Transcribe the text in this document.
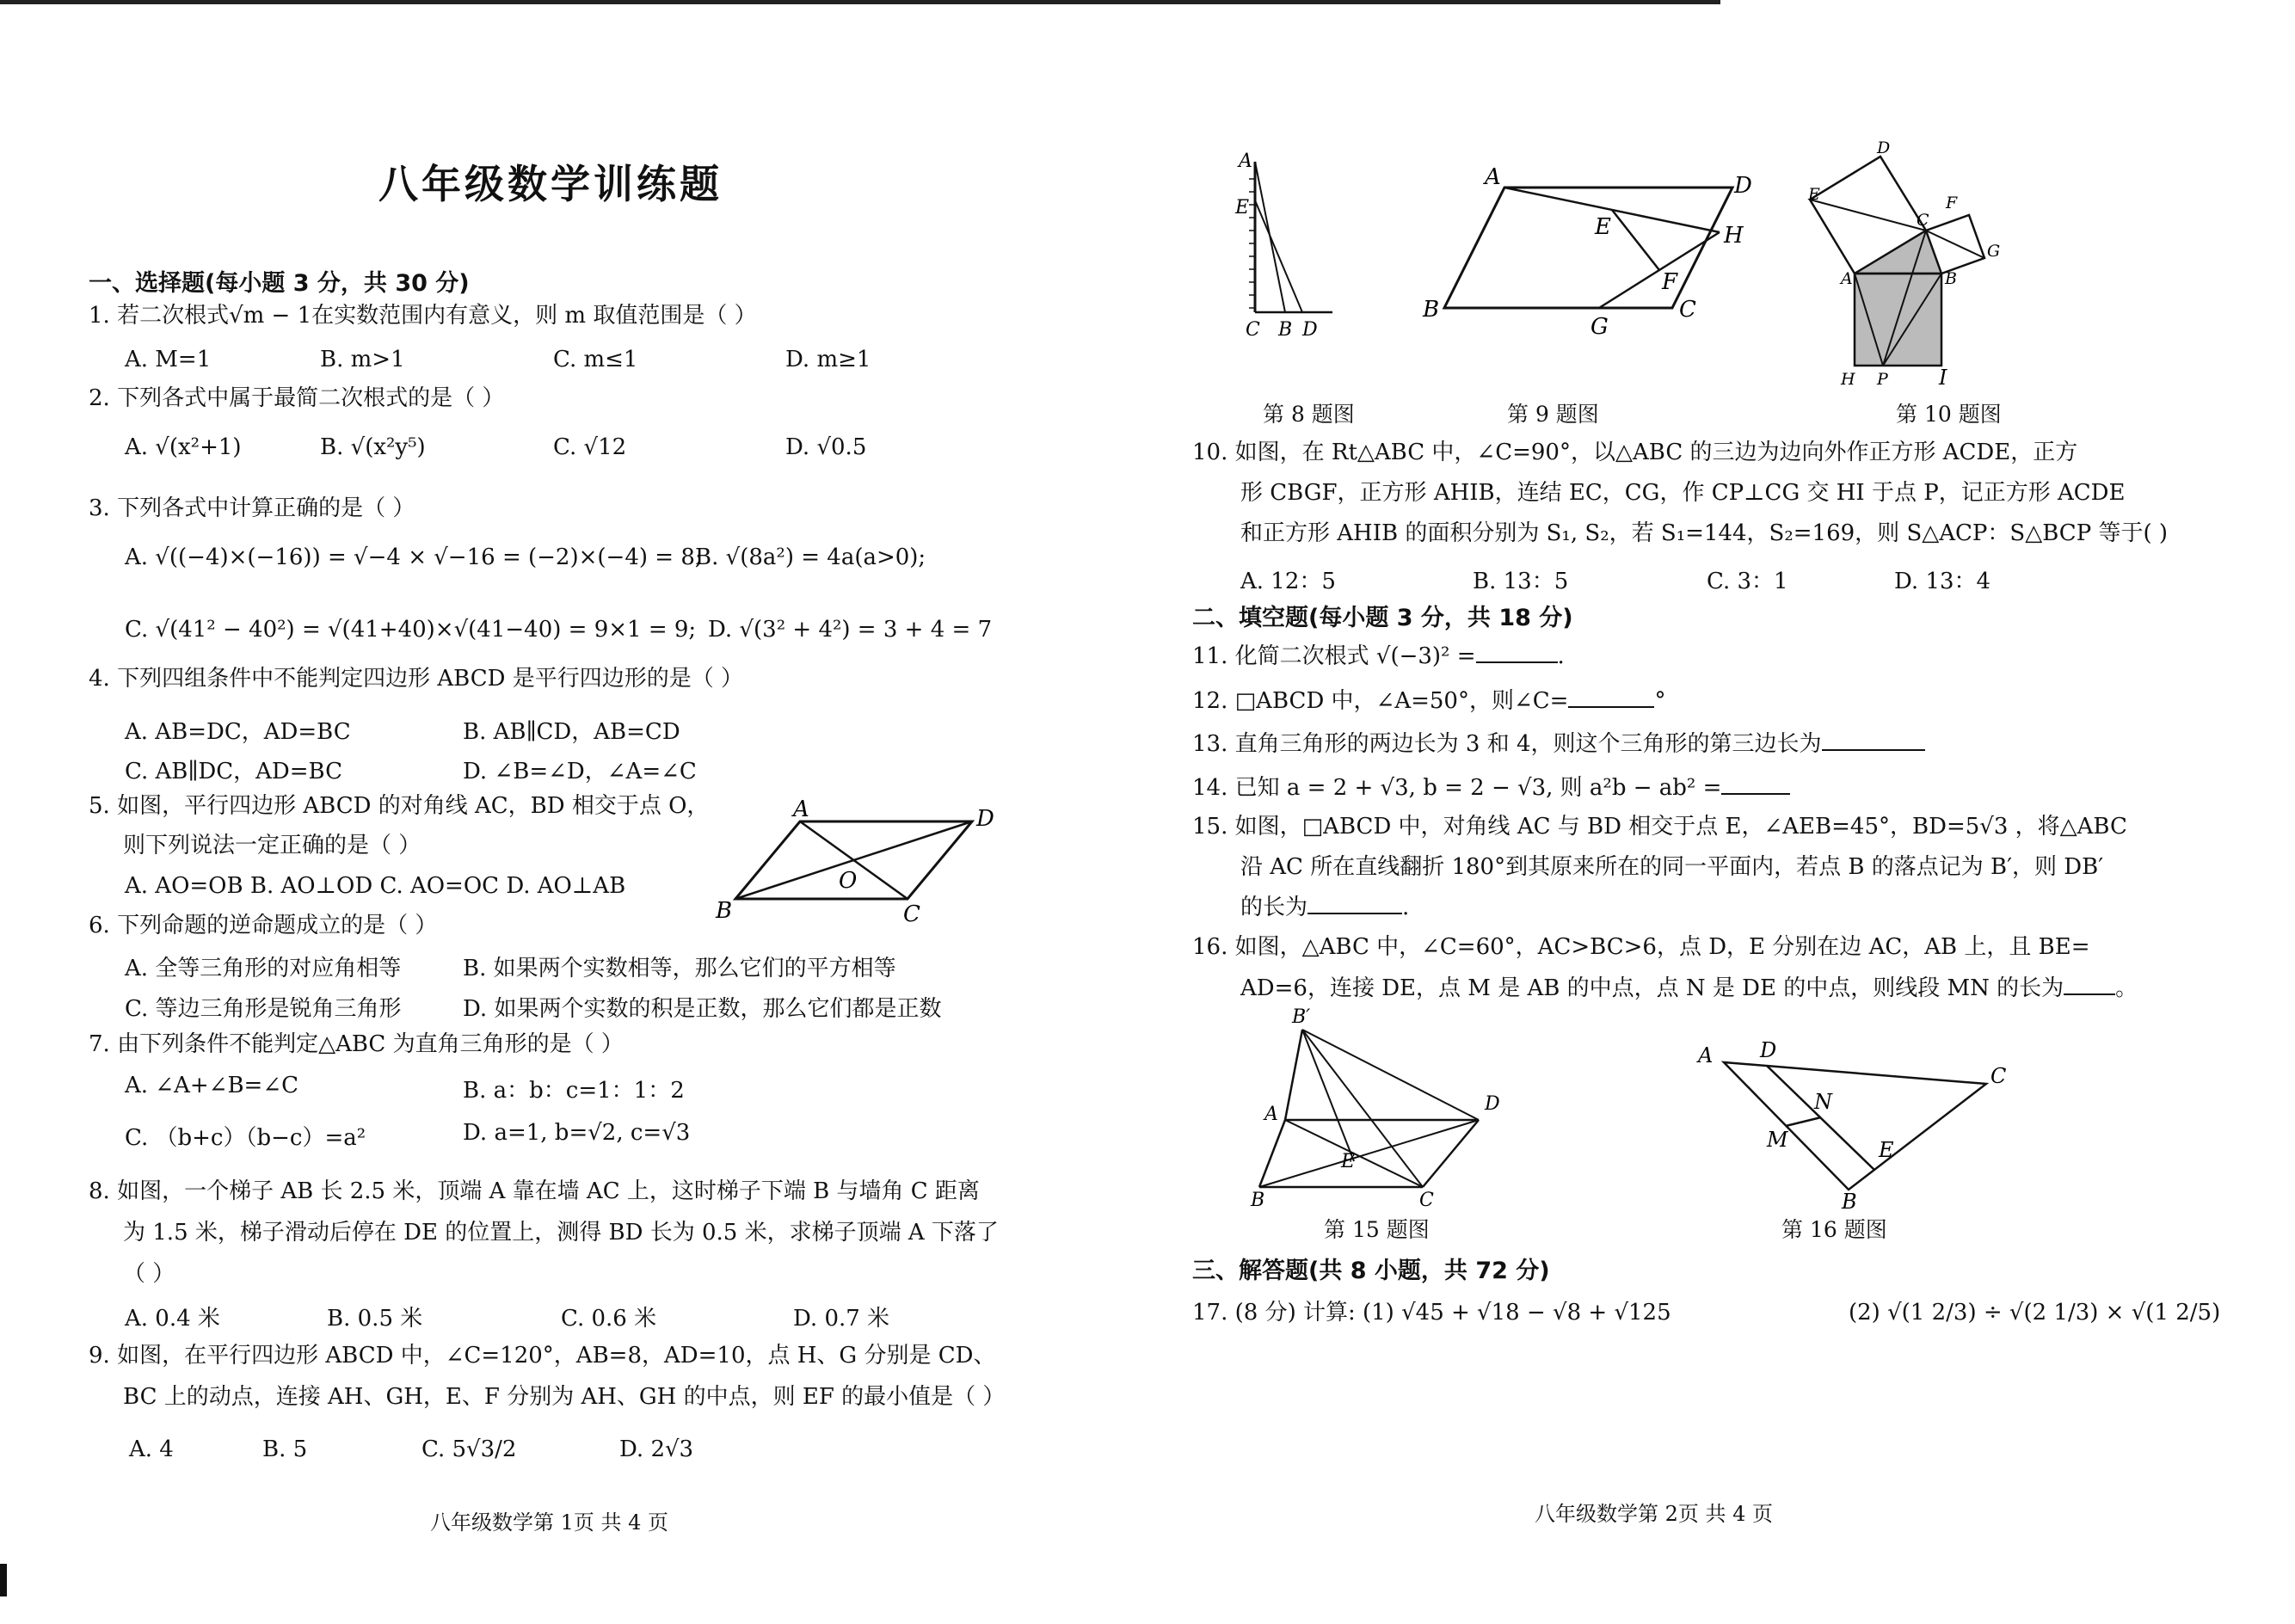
八年级数学训练题
一、选择题(每小题 3 分，共 30 分)
1. 若二次根式√m − 1在实数范围内有意义，则 m 取值范围是（ ）
A. M=1	B. m>1	C. m≤1	D. m≥1
2. 下列各式中属于最简二次根式的是（ ）
A. √(x²+1)	B. √(x²y⁵)	C. √12	D. √0.5
3. 下列各式中计算正确的是（ ）
A. √((−4)×(−16)) = √−4 × √−16 = (−2)×(−4) = 8;
B. √(8a²) = 4a(a>0);
C. √(41² − 40²) = √(41+40)×√(41−40) = 9×1 = 9; D. √(3² + 4²) = 3 + 4 = 7
4. 下列四组条件中不能判定四边形 ABCD 是平行四边形的是（ ）
A. AB=DC，AD=BC	B. AB∥CD，AB=CD
C. AB∥DC，AD=BC	D. ∠B=∠D，∠A=∠C
5. 如图，平行四边形 ABCD 的对角线 AC，BD 相交于点 O，
则下列说法一定正确的是（ ）
A. AO=OB B. AO⊥OD C. AO=OC D. AO⊥AB
A	D
B	C
O
6. 下列命题的逆命题成立的是（ ）
A. 全等三角形的对应角相等	B. 如果两个实数相等，那么它们的平方相等
C. 等边三角形是锐角三角形	D. 如果两个实数的积是正数，那么它们都是正数
7. 由下列条件不能判定△ABC 为直角三角形的是（ ）
A. ∠A+∠B=∠C	B. a：b：c=1：1：2
C. （b+c）（b−c）=a²	D. a=1, b=√2, c=√3
8. 如图，一个梯子 AB 长 2.5 米，顶端 A 靠在墙 AC 上，这时梯子下端 B 与墙角 C 距离
为 1.5 米，梯子滑动后停在 DE 的位置上，测得 BD 长为 0.5 米，求梯子顶端 A 下落了
（ ）
A. 0.4 米	B. 0.5 米	C. 0.6 米	D. 0.7 米
9. 如图，在平行四边形 ABCD 中，∠C=120°，AB=8，AD=10，点 H、G 分别是 CD、
BC 上的动点，连接 AH、GH，E、F 分别为 AH、GH 的中点，则 EF 的最小值是（ ）
A. 4	B. 5	C. 5√3/2	D. 2√3
八年级数学第 1页 共 4 页
A
E
C B D
第 8 题图
A	D
E	H
F
B
G
C
第 9 题图
D
E	F
C
G
A	B
H P I
第 10 题图
10. 如图，在 Rt△ABC 中，∠C=90°，以△ABC 的三边为边向外作正方形 ACDE，正方
形 CBGF，正方形 AHIB，连结 EC，CG，作 CP⊥CG 交 HI 于点 P，记正方形 ACDE
和正方形 AHIB 的面积分别为 S₁, S₂，若 S₁=144，S₂=169，则 S△ACP：S△BCP 等于( )
A. 12：5	B. 13：5	C. 3：1	D. 13：4
二、填空题(每小题 3 分，共 18 分)
11. 化简二次根式 √(−3)² =	.
12. □ABCD 中，∠A=50°，则∠C=	°
13. 直角三角形的两边长为 3 和 4，则这个三角形的第三边长为
14. 已知 a = 2 + √3, b = 2 − √3, 则 a²b − ab² =
15. 如图，□ABCD 中，对角线 AC 与 BD 相交于点 E，∠AEB=45°，BD=5√3 ，将△ABC
沿 AC 所在直线翻折 180°到其原来所在的同一平面内，若点 B 的落点记为 B′，则 DB′
的长为	.
16. 如图，△ABC 中，∠C=60°，AC>BC>6，点 D，E 分别在边 AC，AB 上，且 BE=
AD=6，连接 DE，点 M 是 AB 的中点，点 N 是 DE 的中点，则线段 MN 的长为 。
B′
A	D
E
B	C
第 15 题图
A D
C
N
M	E
B
第 16 题图
三、解答题(共 8 小题，共 72 分)
17. (8 分) 计算: (1) √45 + √18 − √8 + √125	(2) √(1 2/3) ÷ √(2 1/3) × √(1 2/5)
八年级数学第 2页 共 4 页
